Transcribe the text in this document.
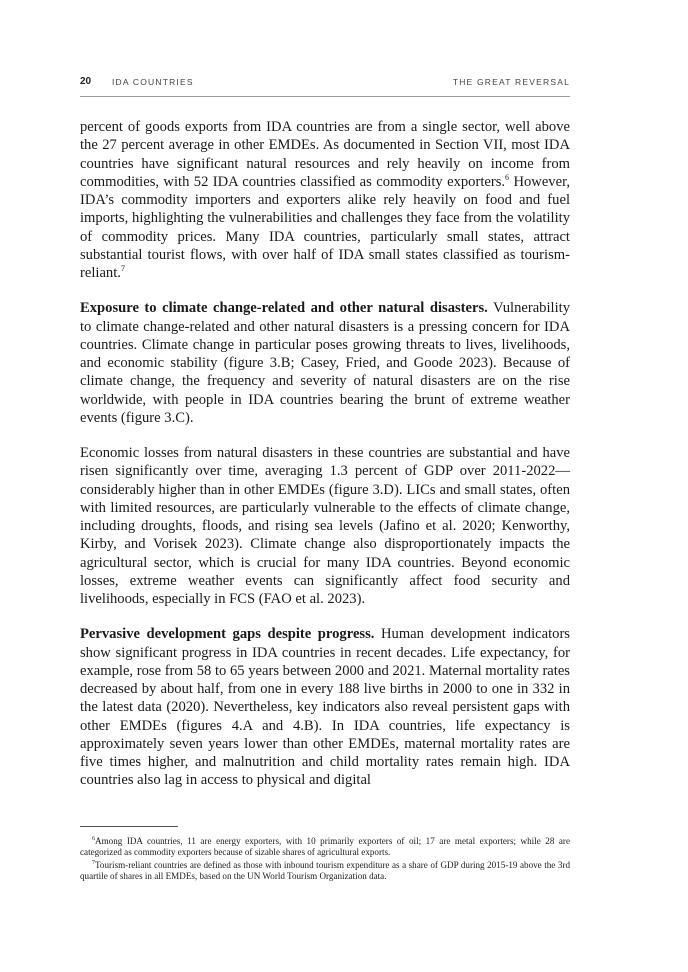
20 IDA COUNTRIES	THE GREAT REVERSAL

percent of goods exports from IDA countries are from a single sector, well above the 27 percent average in other EMDEs. As documented in Section VII, most IDA countries have significant natural resources and rely heavily on income from commodities, with 52 IDA countries classified as commodity exporters.$^6$ However, IDA’s commodity importers and exporters alike rely heavily on food and fuel imports, highlighting the vulnerabilities and challenges they face from the volatility of commodity prices. Many IDA countries, particularly small states, attract substantial tourist flows, with over half of IDA small states classified as tourism-reliant.$^7$

Exposure to climate change-related and other natural disasters. Vulnerability to climate change-related and other natural disasters is a pressing concern for IDA countries. Climate change in particular poses growing threats to lives, livelihoods, and economic stability (figure 3.B; Casey, Fried, and Goode 2023). Because of climate change, the frequency and severity of natural disasters are on the rise worldwide, with people in IDA countries bearing the brunt of extreme weather events (figure 3.C).

Economic losses from natural disasters in these countries are substantial and have risen significantly over time, averaging 1.3 percent of GDP over 2011-2022—considerably higher than in other EMDEs (figure 3.D). LICs and small states, often with limited resources, are particularly vulnerable to the effects of climate change, including droughts, floods, and rising sea levels (Jafino et al. 2020; Kenworthy, Kirby, and Vorisek 2023). Climate change also disproportionately impacts the agricultural sector, which is crucial for many IDA countries. Beyond economic losses, extreme weather events can significantly affect food security and livelihoods, especially in FCS (FAO et al. 2023).

Pervasive development gaps despite progress. Human development indicators show significant progress in IDA countries in recent decades. Life expectancy, for example, rose from 58 to 65 years between 2000 and 2021. Maternal mortality rates decreased by about half, from one in every 188 live births in 2000 to one in 332 in the latest data (2020). Nevertheless, key indicators also reveal persistent gaps with other EMDEs (figures 4.A and 4.B). In IDA countries, life expectancy is approximately seven years lower than other EMDEs, maternal mortality rates are five times higher, and malnutrition and child mortality rates remain high. IDA countries also lag in access to physical and digital

$^6$Among IDA countries, 11 are energy exporters, with 10 primarily exporters of oil; 17 are metal exporters; while 28 are categorized as commodity exporters because of sizable shares of agricultural exports.

$^7$Tourism-reliant countries are defined as those with inbound tourism expenditure as a share of GDP during 2015-19 above the 3rd quartile of shares in all EMDEs, based on the UN World Tourism Organization data.
